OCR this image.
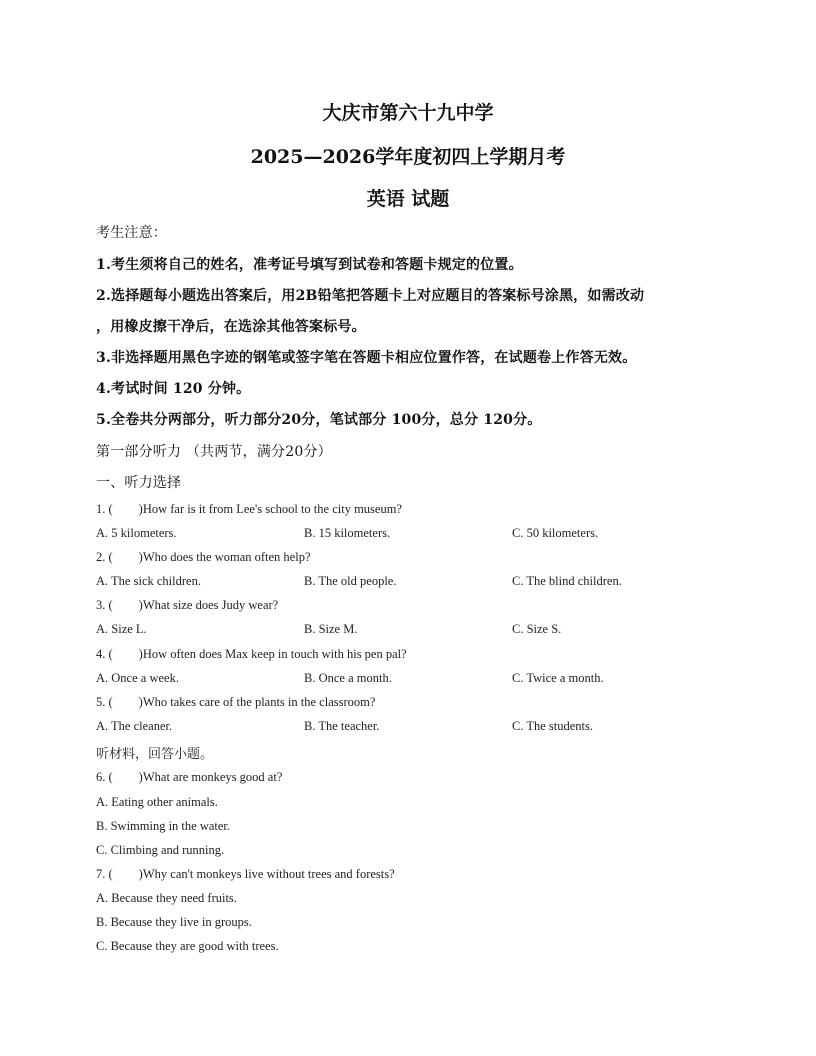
大庆市第六十九中学
2025—2026学年度初四上学期月考
英语 试题
考生注意：
1.考生须将自己的姓名，准考证号填写到试卷和答题卡规定的位置。
2.选择题每小题选出答案后，用2B铅笔把答题卡上对应题目的答案标号涂黑，如需改动
，用橡皮擦干净后，在选涂其他答案标号。
3.非选择题用黑色字迹的钢笔或签字笔在答题卡相应位置作答，在试题卷上作答无效。
4.考试时间 120 分钟。
5.全卷共分两部分，听力部分20分，笔试部分 100分，总分 120分。
第一部分听力 （共两节，满分20分）
一、听力选择
1. ( )How far is it from Lee's school to the city museum?
A. 5 kilometers.	B. 15 kilometers.	C. 50 kilometers.
2. ( )Who does the woman often help?
A. The sick children.	B. The old people.	C. The blind children.
3. ( )What size does Judy wear?
A. Size L.	B. Size M.	C. Size S.
4. ( )How often does Max keep in touch with his pen pal?
A. Once a week.	B. Once a month.	C. Twice a month.
5. ( )Who takes care of the plants in the classroom?
A. The cleaner.	B. The teacher.	C. The students.
听材料，回答小题。
6. ( )What are monkeys good at?
A. Eating other animals.
B. Swimming in the water.
C. Climbing and running.
7. ( )Why can't monkeys live without trees and forests?
A. Because they need fruits.
B. Because they live in groups.
C. Because they are good with trees.
